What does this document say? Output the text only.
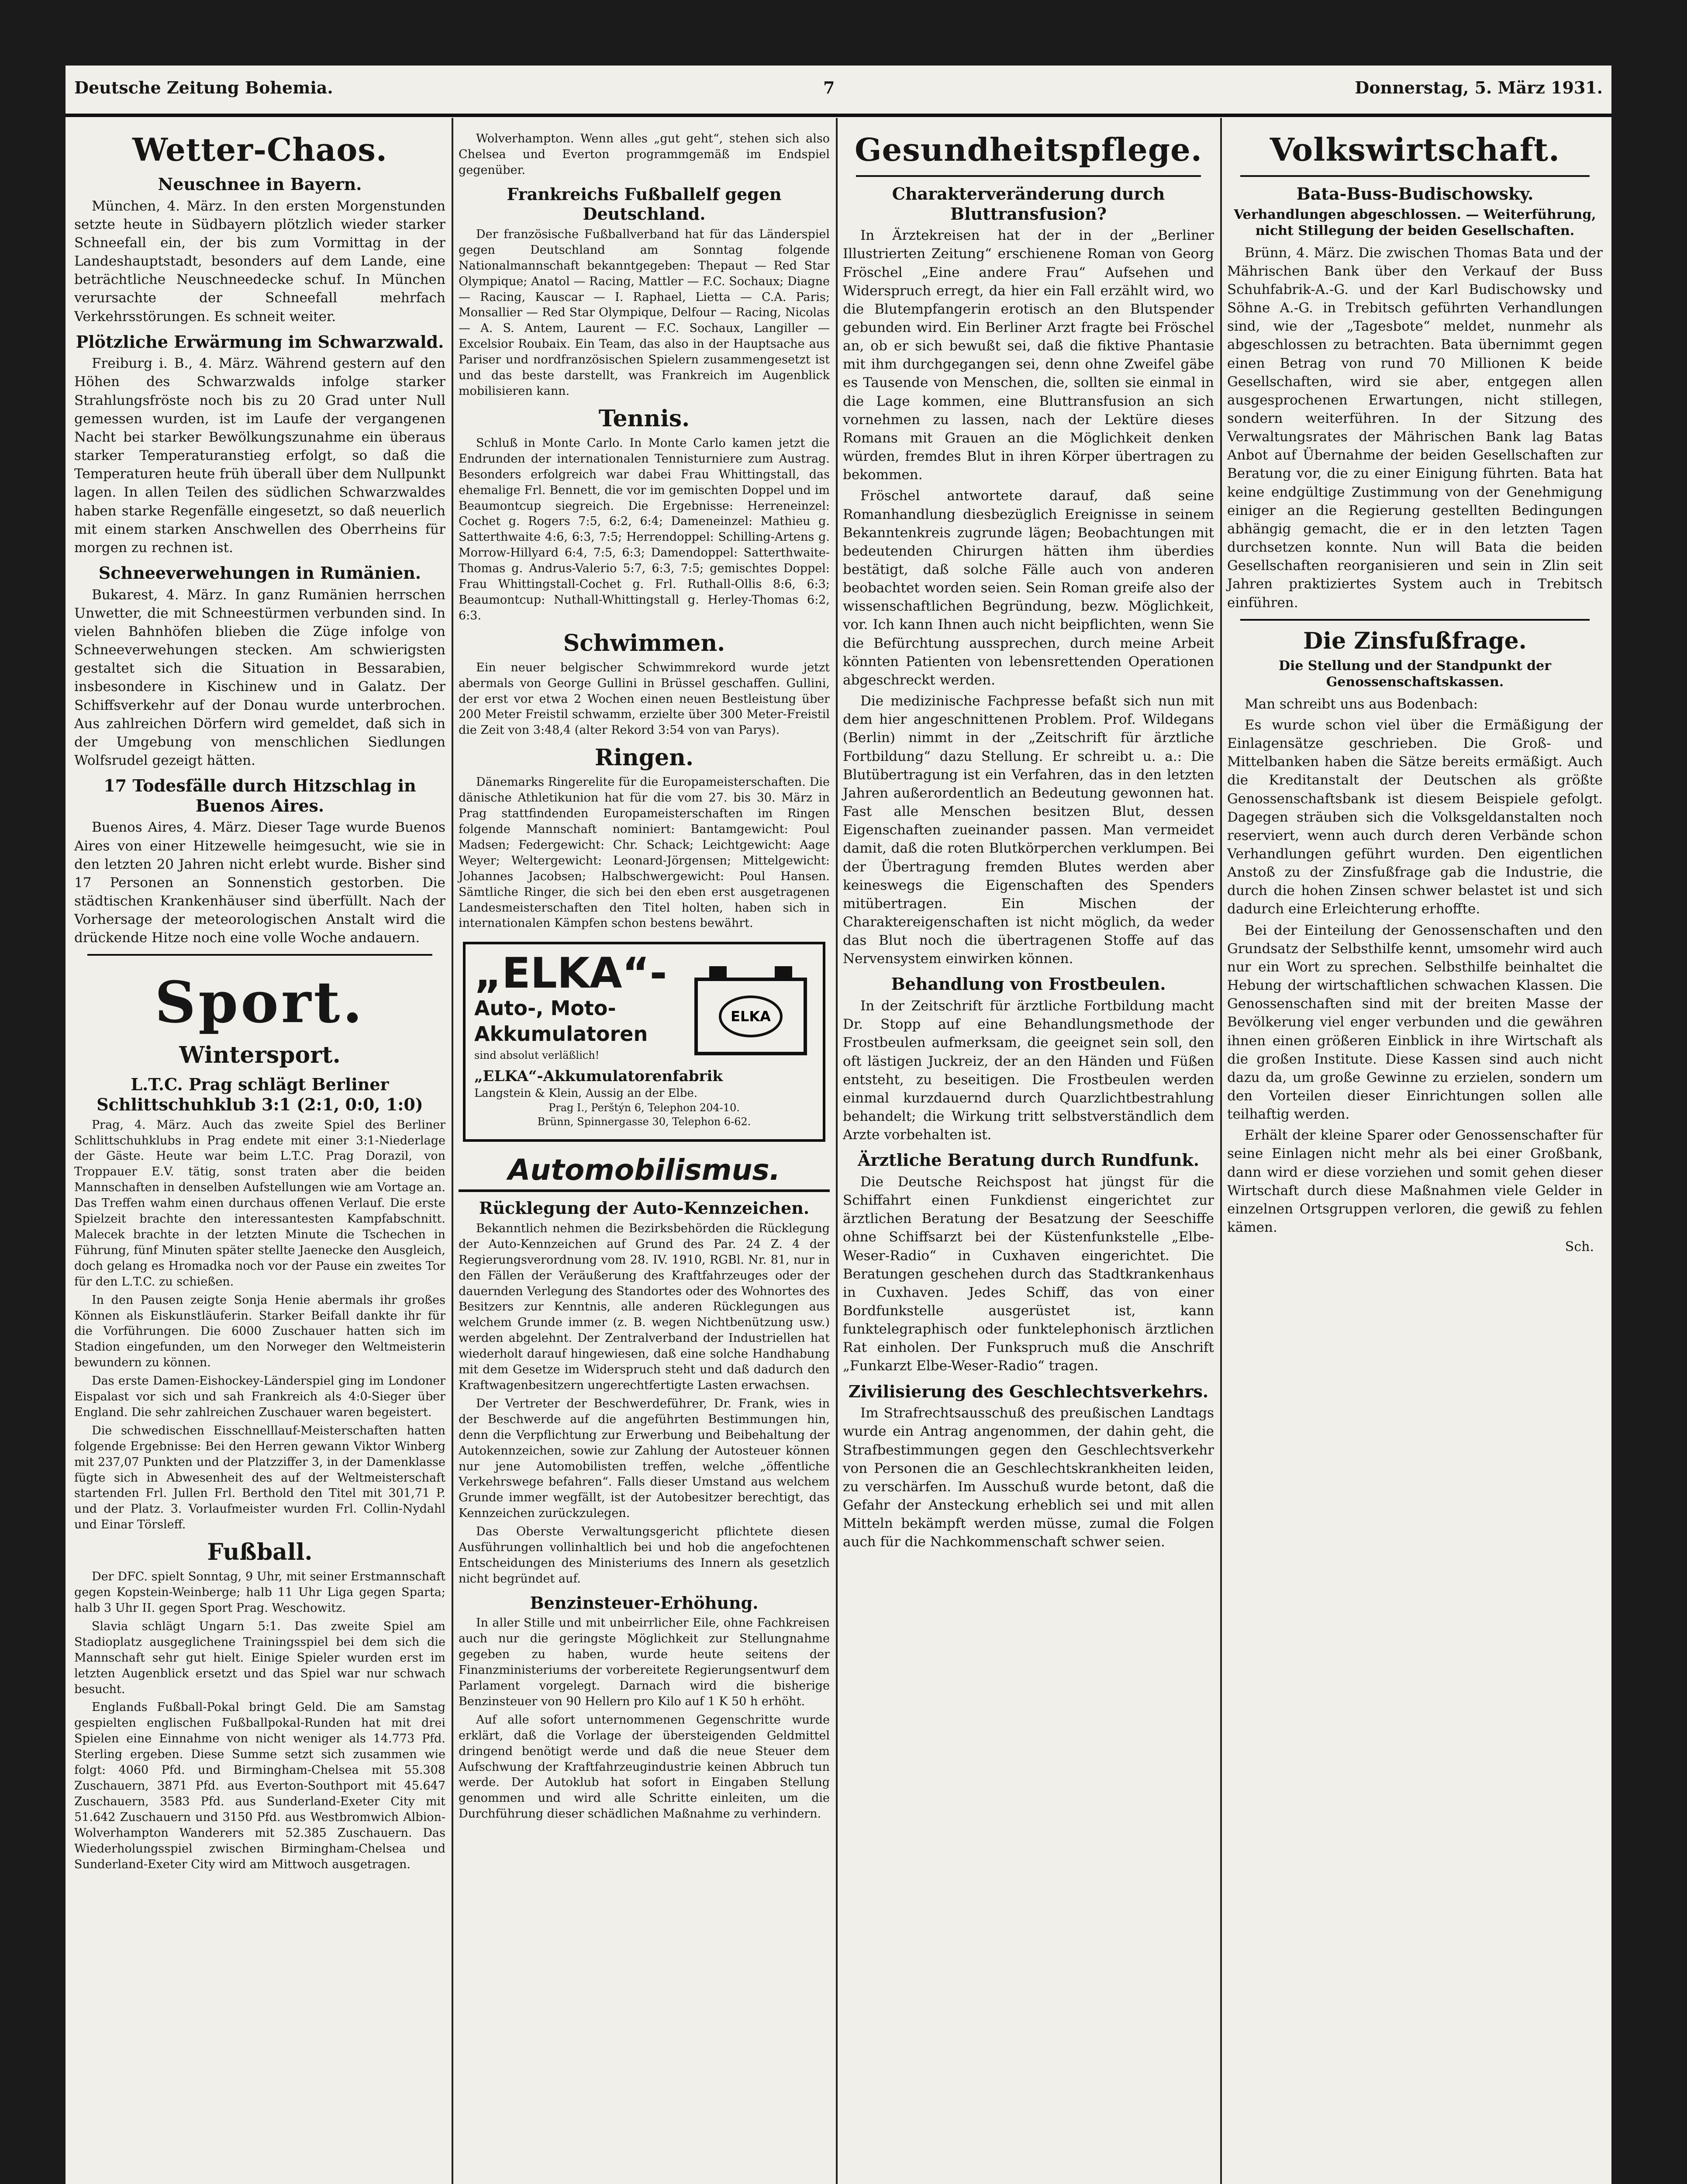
Deutsche Zeitung Bohemia.	7	Donnerstag, 5. März 1931.
Wetter-Chaos.
Neuschnee in Bayern.

München, 4. März. In den ersten Morgenstunden setzte heute in Südbayern plötzlich wieder starker Schneefall ein, der bis zum Vormittag in der Landeshauptstadt, besonders auf dem Lande, eine beträchtliche Neuschneedecke schuf. In München verursachte der Schneefall mehrfach Verkehrsstörungen. Es schneit weiter.

Plötzliche Erwärmung im Schwarzwald.

Freiburg i. B., 4. März. Während gestern auf den Höhen des Schwarzwalds infolge starker Strahlungsfröste noch bis zu 20 Grad unter Null gemessen wurden, ist im Laufe der vergangenen Nacht bei starker Bewölkungszunahme ein überaus starker Temperaturanstieg erfolgt, so daß die Temperaturen heute früh überall über dem Nullpunkt lagen. In allen Teilen des südlichen Schwarzwaldes haben starke Regenfälle eingesetzt, so daß neuerlich mit einem starken Anschwellen des Oberrheins für morgen zu rechnen ist.

Schneeverwehungen in Rumänien.

Bukarest, 4. März. In ganz Rumänien herrschen Unwetter, die mit Schneestürmen verbunden sind. In vielen Bahnhöfen blieben die Züge infolge von Schneeverwehungen stecken. Am schwierigsten gestaltet sich die Situation in Bessarabien, insbesondere in Kischinew und in Galatz. Der Schiffsverkehr auf der Donau wurde unterbrochen. Aus zahlreichen Dörfern wird gemeldet, daß sich in der Umgebung von menschlichen Siedlungen Wolfsrudel gezeigt hätten.

17 Todesfälle durch Hitzschlag in Buenos Aires.

Buenos Aires, 4. März. Dieser Tage wurde Buenos Aires von einer Hitzewelle heimgesucht, wie sie in den letzten 20 Jahren nicht erlebt wurde. Bisher sind 17 Personen an Sonnenstich gestorben. Die städtischen Krankenhäuser sind überfüllt. Nach der Vorhersage der meteorologischen Anstalt wird die drückende Hitze noch eine volle Woche andauern.

Sport.
Wintersport.
L.T.C. Prag schlägt Berliner Schlittschuhklub 3:1 (2:1, 0:0, 1:0)

Prag, 4. März. Auch das zweite Spiel des Berliner Schlittschuhklubs in Prag endete mit einer 3:1-Niederlage der Gäste. Heute war beim L.T.C. Prag Dorazil, von Troppauer E.V. tätig, sonst traten aber die beiden Mannschaften in denselben Aufstellungen wie am Vortage an. Das Treffen wahm einen durchaus offenen Verlauf. Die erste Spielzeit brachte den interessantesten Kampfabschnitt. Malecek brachte in der letzten Minute die Tschechen in Führung, fünf Minuten später stellte Jaenecke den Ausgleich, doch gelang es Hromadka noch vor der Pause ein zweites Tor für den L.T.C. zu schießen.

In den Pausen zeigte Sonja Henie abermals ihr großes Können als Eiskunstläuferin. Starker Beifall dankte ihr für die Vorführungen. Die 6000 Zuschauer hatten sich im Stadion eingefunden, um den Norweger den Weltmeisterin bewundern zu können.

Das erste Damen-Eishockey-Länderspiel ging im Londoner Eispalast vor sich und sah Frankreich als 4:0-Sieger über England. Die sehr zahlreichen Zuschauer waren begeistert.

Die schwedischen Eisschnelllauf-Meisterschaften hatten folgende Ergebnisse: Bei den Herren gewann Viktor Winberg mit 237,07 Punkten und der Platzziffer 3, in der Damenklasse fügte sich in Abwesenheit des auf der Weltmeisterschaft startenden Frl. Jullen Frl. Berthold den Titel mit 301,71 P. und der Platz. 3. Vorlaufmeister wurden Frl. Collin-Nydahl und Einar Törsleff.

Fußball.

Der DFC. spielt Sonntag, 9 Uhr, mit seiner Erstmannschaft gegen Kopstein-Weinberge; halb 11 Uhr Liga gegen Sparta; halb 3 Uhr II. gegen Sport Prag. Weschowitz.

Slavia schlägt Ungarn 5:1. Das zweite Spiel am Stadioplatz ausgeglichene Trainingsspiel bei dem sich die Mannschaft sehr gut hielt. Einige Spieler wurden erst im letzten Augenblick ersetzt und das Spiel war nur schwach besucht.

Englands Fußball-Pokal bringt Geld. Die am Samstag gespielten englischen Fußballpokal-Runden hat mit drei Spielen eine Einnahme von nicht weniger als 14.773 Pfd. Sterling ergeben. Diese Summe setzt sich zusammen wie folgt: 4060 Pfd. und Birmingham-Chelsea mit 55.308 Zuschauern, 3871 Pfd. aus Everton-Southport mit 45.647 Zuschauern, 3583 Pfd. aus Sunderland-Exeter City mit 51.642 Zuschauern und 3150 Pfd. aus Westbromwich Albion-Wolverhampton Wanderers mit 52.385 Zuschauern. Das Wiederholungsspiel zwischen Birmingham-Chelsea und Sunderland-Exeter City wird am Mittwoch ausgetragen.

Wolverhampton. Wenn alles „gut geht“, stehen sich also Chelsea und Everton programmgemäß im Endspiel gegenüber.

Frankreichs Fußballelf gegen Deutschland.

Der französische Fußballverband hat für das Länderspiel gegen Deutschland am Sonntag folgende Nationalmannschaft bekanntgegeben: Thepaut — Red Star Olympique; Anatol — Racing, Mattler — F.C. Sochaux; Diagne — Racing, Kauscar — I. Raphael, Lietta — C.A. Paris; Monsallier — Red Star Olympique, Delfour — Racing, Nicolas — A. S. Antem, Laurent — F.C. Sochaux, Langiller — Excelsior Roubaix. Ein Team, das also in der Hauptsache aus Pariser und nordfranzösischen Spielern zusammengesetzt ist und das beste darstellt, was Frankreich im Augenblick mobilisieren kann.

Tennis.

Schluß in Monte Carlo. In Monte Carlo kamen jetzt die Endrunden der internationalen Tennisturniere zum Austrag. Besonders erfolgreich war dabei Frau Whittingstall, das ehemalige Frl. Bennett, die vor im gemischten Doppel und im Beaumontcup siegreich. Die Ergebnisse: Herreneinzel: Cochet g. Rogers 7:5, 6:2, 6:4; Dameneinzel: Mathieu g. Satterthwaite 4:6, 6:3, 7:5; Herrendoppel: Schilling-Artens g. Morrow-Hillyard 6:4, 7:5, 6:3; Damendoppel: Satterthwaite-Thomas g. Andrus-Valerio 5:7, 6:3, 7:5; gemischtes Doppel: Frau Whittingstall-Cochet g. Frl. Ruthall-Ollis 8:6, 6:3; Beaumontcup: Nuthall-Whittingstall g. Herley-Thomas 6:2, 6:3.

Schwimmen.

Ein neuer belgischer Schwimmrekord wurde jetzt abermals von George Gullini in Brüssel geschaffen. Gullini, der erst vor etwa 2 Wochen einen neuen Bestleistung über 200 Meter Freistil schwamm, erzielte über 300 Meter-Freistil die Zeit von 3:48,4 (alter Rekord 3:54 von van Parys).

Ringen.

Dänemarks Ringerelite für die Europameisterschaften. Die dänische Athletikunion hat für die vom 27. bis 30. März in Prag stattfindenden Europameisterschaften im Ringen folgende Mannschaft nominiert: Bantamgewicht: Poul Madsen; Federgewicht: Chr. Schack; Leichtgewicht: Aage Weyer; Weltergewicht: Leonard-Jörgensen; Mittelgewicht: Johannes Jacobsen; Halbschwergewicht: Poul Hansen. Sämtliche Ringer, die sich bei den eben erst ausgetragenen Landesmeisterschaften den Titel holten, haben sich in internationalen Kämpfen schon bestens bewährt.

„ELKA“-
Auto-, Moto-
Akkumulatoren
sind absolut verläßlich!
„ELKA“-Akkumulatorenfabrik
Langstein & Klein, Aussig an der Elbe.
Prag I., Perštýn 6, Telephon 204-10.
Brünn, Spinnergasse 30, Telephon 6-62.
ELKA
Automobilismus.
Rücklegung der Auto-Kennzeichen.

Bekanntlich nehmen die Bezirksbehörden die Rücklegung der Auto-Kennzeichen auf Grund des Par. 24 Z. 4 der Regierungsverordnung vom 28. IV. 1910, RGBl. Nr. 81, nur in den Fällen der Veräußerung des Kraftfahrzeuges oder der dauernden Verlegung des Standortes oder des Wohnortes des Besitzers zur Kenntnis, alle anderen Rücklegungen aus welchem Grunde immer (z. B. wegen Nichtbenützung usw.) werden abgelehnt. Der Zentralverband der Industriellen hat wiederholt darauf hingewiesen, daß eine solche Handhabung mit dem Gesetze im Widerspruch steht und daß dadurch den Kraftwagenbesitzern ungerechtfertigte Lasten erwachsen.

Der Vertreter der Beschwerdeführer, Dr. Frank, wies in der Beschwerde auf die angeführten Bestimmungen hin, denn die Verpflichtung zur Erwerbung und Beibehaltung der Autokennzeichen, sowie zur Zahlung der Autosteuer können nur jene Automobilisten treffen, welche „öffentliche Verkehrswege befahren“. Falls dieser Umstand aus welchem Grunde immer wegfällt, ist der Autobesitzer berechtigt, das Kennzeichen zurückzulegen.

Das Oberste Verwaltungsgericht pflichtete diesen Ausführungen vollinhaltlich bei und hob die angefochtenen Entscheidungen des Ministeriums des Innern als gesetzlich nicht begründet auf.

Benzinsteuer-Erhöhung.

In aller Stille und mit unbeirrlicher Eile, ohne Fachkreisen auch nur die geringste Möglichkeit zur Stellungnahme gegeben zu haben, wurde heute seitens der Finanzministeriums der vorbereitete Regierungsentwurf dem Parlament vorgelegt. Darnach wird die bisherige Benzinsteuer von 90 Hellern pro Kilo auf 1 K 50 h erhöht.

Auf alle sofort unternommenen Gegenschritte wurde erklärt, daß die Vorlage der übersteigenden Geldmittel dringend benötigt werde und daß die neue Steuer dem Aufschwung der Kraftfahrzeugindustrie keinen Abbruch tun werde. Der Autoklub hat sofort in Eingaben Stellung genommen und wird alle Schritte einleiten, um die Durchführung dieser schädlichen Maßnahme zu verhindern.

Gesundheitspflege.
Charakterveränderung durch Bluttransfusion?

In Ärztekreisen hat der in der „Berliner Illustrierten Zeitung“ erschienene Roman von Georg Fröschel „Eine andere Frau“ Aufsehen und Widerspruch erregt, da hier ein Fall erzählt wird, wo die Blutempfangerin erotisch an den Blutspender gebunden wird. Ein Berliner Arzt fragte bei Fröschel an, ob er sich bewußt sei, daß die fiktive Phantasie mit ihm durchgegangen sei, denn ohne Zweifel gäbe es Tausende von Menschen, die, sollten sie einmal in die Lage kommen, eine Bluttransfusion an sich vornehmen zu lassen, nach der Lektüre dieses Romans mit Grauen an die Möglichkeit denken würden, fremdes Blut in ihren Körper übertragen zu bekommen.

Fröschel antwortete darauf, daß seine Romanhandlung diesbezüglich Ereignisse in seinem Bekanntenkreis zugrunde lägen; Beobachtungen mit bedeutenden Chirurgen hätten ihm überdies bestätigt, daß solche Fälle auch von anderen beobachtet worden seien. Sein Roman greife also der wissenschaftlichen Begründung, bezw. Möglichkeit, vor. Ich kann Ihnen auch nicht beipflichten, wenn Sie die Befürchtung aussprechen, durch meine Arbeit könnten Patienten von lebensrettenden Operationen abgeschreckt werden.

Die medizinische Fachpresse befaßt sich nun mit dem hier angeschnittenen Problem. Prof. Wildegans (Berlin) nimmt in der „Zeitschrift für ärztliche Fortbildung“ dazu Stellung. Er schreibt u. a.: Die Blutübertragung ist ein Verfahren, das in den letzten Jahren außerordentlich an Bedeutung gewonnen hat. Fast alle Menschen besitzen Blut, dessen Eigenschaften zueinander passen. Man vermeidet damit, daß die roten Blutkörperchen verklumpen. Bei der Übertragung fremden Blutes werden aber keineswegs die Eigenschaften des Spenders mitübertragen. Ein Mischen der Charaktereigenschaften ist nicht möglich, da weder das Blut noch die übertragenen Stoffe auf das Nervensystem einwirken können.

Behandlung von Frostbeulen.

In der Zeitschrift für ärztliche Fortbildung macht Dr. Stopp auf eine Behandlungsmethode der Frostbeulen aufmerksam, die geeignet sein soll, den oft lästigen Juckreiz, der an den Händen und Füßen entsteht, zu beseitigen. Die Frostbeulen werden einmal kurzdauernd durch Quarzlichtbestrahlung behandelt; die Wirkung tritt selbstverständlich dem Arzte vorbehalten ist.

Ärztliche Beratung durch Rundfunk.

Die Deutsche Reichspost hat jüngst für die Schiffahrt einen Funkdienst eingerichtet zur ärztlichen Beratung der Besatzung der Seeschiffe ohne Schiffsarzt bei der Küstenfunkstelle „Elbe-Weser-Radio“ in Cuxhaven eingerichtet. Die Beratungen geschehen durch das Stadtkrankenhaus in Cuxhaven. Jedes Schiff, das von einer Bordfunkstelle ausgerüstet ist, kann funktelegraphisch oder funktelephonisch ärztlichen Rat einholen. Der Funkspruch muß die Anschrift „Funkarzt Elbe-Weser-Radio“ tragen.

Zivilisierung des Geschlechtsverkehrs.

Im Strafrechtsausschuß des preußischen Landtags wurde ein Antrag angenommen, der dahin geht, die Strafbestimmungen gegen den Geschlechtsverkehr von Personen die an Geschlechtskrankheiten leiden, zu verschärfen. Im Ausschuß wurde betont, daß die Gefahr der Ansteckung erheblich sei und mit allen Mitteln bekämpft werden müsse, zumal die Folgen auch für die Nachkommenschaft schwer seien.

Volkswirtschaft.
Bata-Buss-Budischowsky.
Verhandlungen abgeschlossen. — Weiterführung, nicht Stillegung der beiden Gesellschaften.

Brünn, 4. März. Die zwischen Thomas Bata und der Mährischen Bank über den Verkauf der Buss Schuhfabrik-A.-G. und der Karl Budischowsky und Söhne A.-G. in Trebitsch geführten Verhandlungen sind, wie der „Tagesbote“ meldet, nunmehr als abgeschlossen zu betrachten. Bata übernimmt gegen einen Betrag von rund 70 Millionen K beide Gesellschaften, wird sie aber, entgegen allen ausgesprochenen Erwartungen, nicht stillegen, sondern weiterführen. In der Sitzung des Verwaltungsrates der Mährischen Bank lag Batas Anbot auf Übernahme der beiden Gesellschaften zur Beratung vor, die zu einer Einigung führten. Bata hat keine endgültige Zustimmung von der Genehmigung einiger an die Regierung gestellten Bedingungen abhängig gemacht, die er in den letzten Tagen durchsetzen konnte. Nun will Bata die beiden Gesellschaften reorganisieren und sein in Zlin seit Jahren praktiziertes System auch in Trebitsch einführen.

Die Zinsfußfrage.
Die Stellung und der Standpunkt der Genossenschaftskassen.

Man schreibt uns aus Bodenbach:

Es wurde schon viel über die Ermäßigung der Einlagensätze geschrieben. Die Groß- und Mittelbanken haben die Sätze bereits ermäßigt. Auch die Kreditanstalt der Deutschen als größte Genossenschaftsbank ist diesem Beispiele gefolgt. Dagegen sträuben sich die Volksgeldanstalten noch reserviert, wenn auch durch deren Verbände schon Verhandlungen geführt wurden. Den eigentlichen Anstoß zu der Zinsfußfrage gab die Industrie, die durch die hohen Zinsen schwer belastet ist und sich dadurch eine Erleichterung erhoffte.

Bei der Einteilung der Genossenschaften und den Grundsatz der Selbsthilfe kennt, umsomehr wird auch nur ein Wort zu sprechen. Selbsthilfe beinhaltet die Hebung der wirtschaftlichen schwachen Klassen. Die Genossenschaften sind mit der breiten Masse der Bevölkerung viel enger verbunden und die gewähren ihnen einen größeren Einblick in ihre Wirtschaft als die großen Institute. Diese Kassen sind auch nicht dazu da, um große Gewinne zu erzielen, sondern um den Vorteilen dieser Einrichtungen sollen alle teilhaftig werden.

Erhält der kleine Sparer oder Genossenschafter für seine Einlagen nicht mehr als bei einer Großbank, dann wird er diese vorziehen und somit gehen dieser Wirtschaft durch diese Maßnahmen viele Gelder in einzelnen Ortsgruppen verloren, die gewiß zu fehlen kämen.

Sch.
